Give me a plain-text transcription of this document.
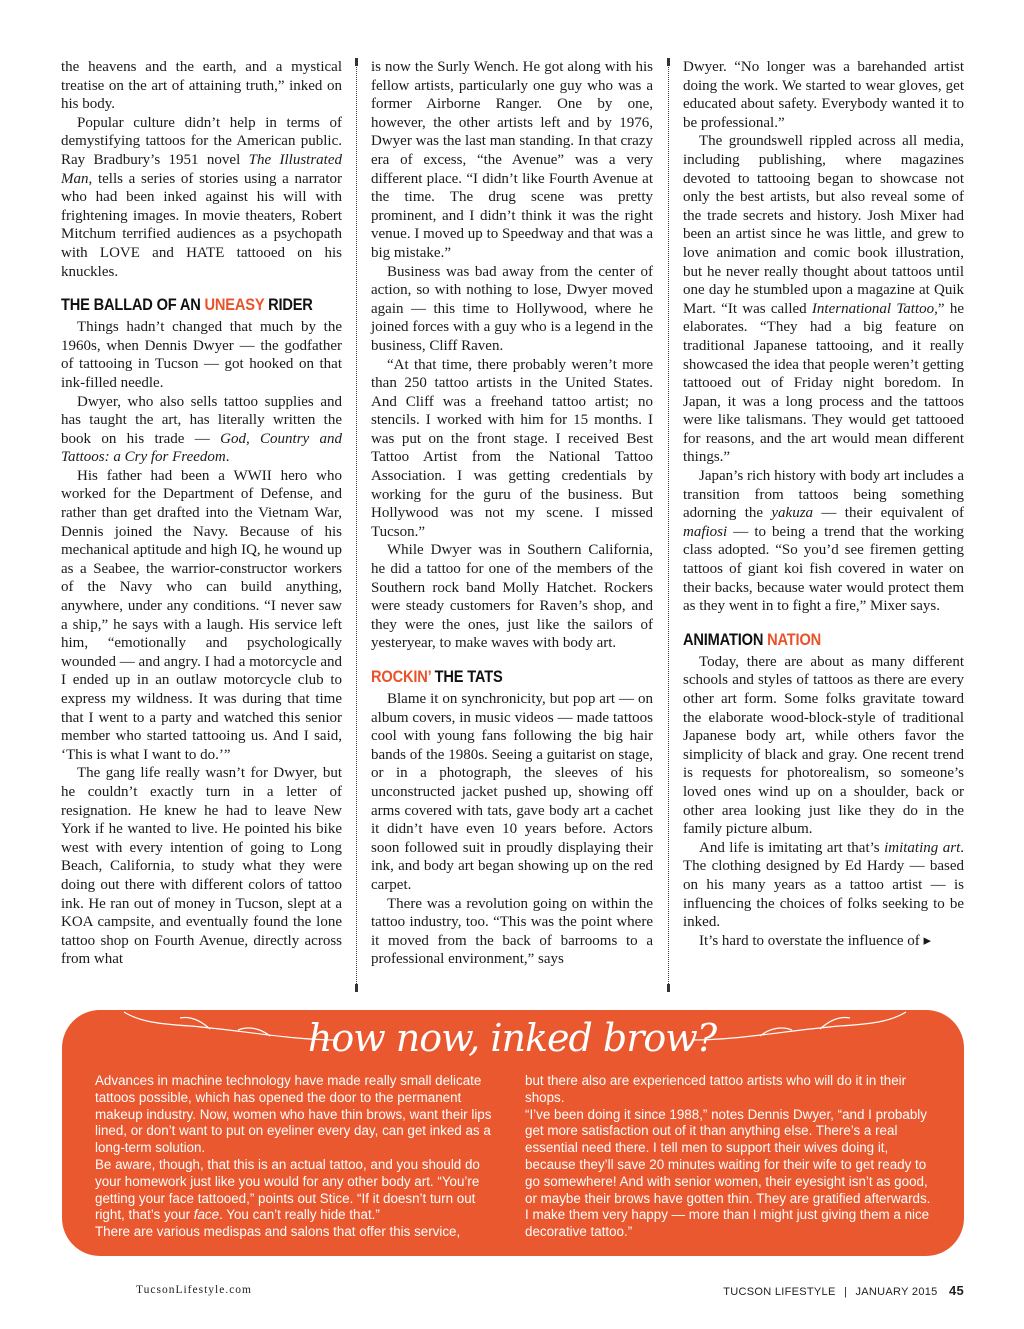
the heavens and the earth, and a mystical treatise on the art of attaining truth,” inked on his body.

Popular culture didn’t help in terms of demystifying tattoos for the American public. Ray Bradbury’s 1951 novel The Illustrated Man, tells a series of stories using a narrator who had been inked against his will with frightening images. In movie theaters, Robert Mitchum terrified audiences as a psychopath with LOVE and HATE tattooed on his knuckles.

THE BALLAD OF AN UNEASY RIDER

Things hadn’t changed that much by the 1960s, when Dennis Dwyer — the godfather of tattooing in Tucson — got hooked on that ink-filled needle.

Dwyer, who also sells tattoo supplies and has taught the art, has literally written the book on his trade — God, Country and Tattoos: a Cry for Freedom.

His father had been a WWII hero who worked for the Department of Defense, and rather than get drafted into the Vietnam War, Dennis joined the Navy. Because of his mechanical aptitude and high IQ, he wound up as a Seabee, the warrior-constructor workers of the Navy who can build anything, anywhere, under any conditions. “I never saw a ship,” he says with a laugh. His service left him, “emotionally and psychologically wounded — and angry. I had a motorcycle and I ended up in an outlaw motorcycle club to express my wildness. It was during that time that I went to a party and watched this senior member who started tattooing us. And I said, ‘This is what I want to do.’”

The gang life really wasn’t for Dwyer, but he couldn’t exactly turn in a letter of resignation. He knew he had to leave New York if he wanted to live. He pointed his bike west with every intention of going to Long Beach, California, to study what they were doing out there with different colors of tattoo ink. He ran out of money in Tucson, slept at a KOA campsite, and eventually found the lone tattoo shop on Fourth Avenue, directly across from what

is now the Surly Wench. He got along with his fellow artists, particularly one guy who was a former Airborne Ranger. One by one, however, the other artists left and by 1976, Dwyer was the last man standing. In that crazy era of excess, “the Avenue” was a very different place. “I didn’t like Fourth Avenue at the time. The drug scene was pretty prominent, and I didn’t think it was the right venue. I moved up to Speedway and that was a big mistake.”

Business was bad away from the center of action, so with nothing to lose, Dwyer moved again — this time to Hollywood, where he joined forces with a guy who is a legend in the business, Cliff Raven.

“At that time, there probably weren’t more than 250 tattoo artists in the United States. And Cliff was a freehand tattoo artist; no stencils. I worked with him for 15 months. I was put on the front stage. I received Best Tattoo Artist from the National Tattoo Association. I was getting credentials by working for the guru of the business. But Hollywood was not my scene. I missed Tucson.”

While Dwyer was in Southern California, he did a tattoo for one of the members of the Southern rock band Molly Hatchet. Rockers were steady customers for Raven’s shop, and they were the ones, just like the sailors of yesteryear, to make waves with body art.

ROCKIN’ THE TATS

Blame it on synchronicity, but pop art — on album covers, in music videos — made tattoos cool with young fans following the big hair bands of the 1980s. Seeing a guitarist on stage, or in a photograph, the sleeves of his unconstructed jacket pushed up, showing off arms covered with tats, gave body art a cachet it didn’t have even 10 years before. Actors soon followed suit in proudly displaying their ink, and body art began showing up on the red carpet.

There was a revolution going on within the tattoo industry, too. “This was the point where it moved from the back of barrooms to a professional environment,” says

Dwyer. “No longer was a barehanded artist doing the work. We started to wear gloves, get educated about safety. Everybody wanted it to be professional.”

The groundswell rippled across all media, including publishing, where magazines devoted to tattooing began to showcase not only the best artists, but also reveal some of the trade secrets and history. Josh Mixer had been an artist since he was little, and grew to love animation and comic book illustration, but he never really thought about tattoos until one day he stumbled upon a magazine at Quik Mart. “It was called International Tattoo,” he elaborates. “They had a big feature on traditional Japanese tattooing, and it really showcased the idea that people weren’t getting tattooed out of Friday night boredom. In Japan, it was a long process and the tattoos were like talismans. They would get tattooed for reasons, and the art would mean different things.”

Japan’s rich history with body art includes a transition from tattoos being something adorning the yakuza — their equivalent of mafiosi — to being a trend that the working class adopted. “So you’d see firemen getting tattoos of giant koi fish covered in water on their backs, because water would protect them as they went in to fight a fire,” Mixer says.

ANIMATION NATION

Today, there are about as many different schools and styles of tattoos as there are every other art form. Some folks gravitate toward the elaborate wood-block-style of traditional Japanese body art, while others favor the simplicity of black and gray. One recent trend is requests for photorealism, so someone’s loved ones wind up on a shoulder, back or other area looking just like they do in the family picture album.

And life is imitating art that’s imitating art. The clothing designed by Ed Hardy — based on his many years as a tattoo artist — is influencing the choices of folks seeking to be inked.

It’s hard to overstate the influence of ▸

how now, inked brow?

Advances in machine technology have made really small delicate tattoos possible, which has opened the door to the permanent makeup industry. Now, women who have thin brows, want their lips lined, or don’t want to put on eyeliner every day, can get inked as a long-term solution.

Be aware, though, that this is an actual tattoo, and you should do your homework just like you would for any other body art. “You’re getting your face tattooed,” points out Stice. “If it doesn’t turn out right, that’s your face. You can’t really hide that.”

There are various medispas and salons that offer this service,

but there also are experienced tattoo artists who will do it in their shops.

“I’ve been doing it since 1988,” notes Dennis Dwyer, “and I probably get more satisfaction out of it than anything else. There’s a real essential need there. I tell men to support their wives doing it, because they’ll save 20 minutes waiting for their wife to get ready to go somewhere! And with senior women, their eyesight isn’t as good, or maybe their brows have gotten thin. They are gratified afterwards. I make them very happy — more than I might just giving them a nice decorative tattoo.”

TucsonLifestyle.com	TUCSON LIFESTYLE | JANUARY 2015 45
